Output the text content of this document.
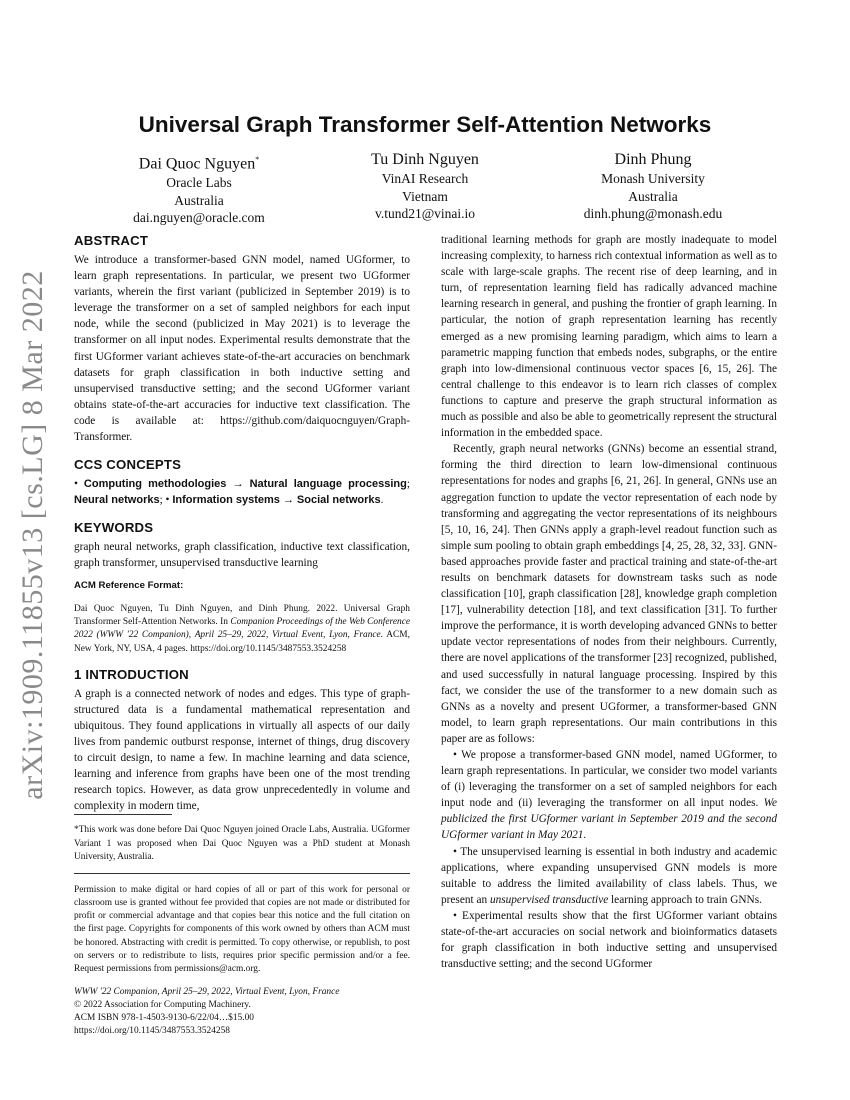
arXiv:1909.11855v13 [cs.LG] 8 Mar 2022
Universal Graph Transformer Self-Attention Networks
Dai Quoc Nguyen*
Oracle Labs
Australia
dai.nguyen@oracle.com
Tu Dinh Nguyen
VinAI Research
Vietnam
v.tund21@vinai.io
Dinh Phung
Monash University
Australia
dinh.phung@monash.edu
ABSTRACT

We introduce a transformer-based GNN model, named UGformer, to learn graph representations. In particular, we present two UGformer variants, wherein the first variant (publicized in September 2019) is to leverage the transformer on a set of sampled neighbors for each input node, while the second (publicized in May 2021) is to leverage the transformer on all input nodes. Experimental results demonstrate that the first UGformer variant achieves state-of-the-art accuracies on benchmark datasets for graph classification in both inductive setting and unsupervised transductive setting; and the second UGformer variant obtains state-of-the-art accuracies for inductive text classification. The code is available at: https://github.com/daiquocnguyen/Graph-Transformer.

CCS CONCEPTS

• Computing methodologies → Natural language processing; Neural networks; • Information systems → Social networks.

KEYWORDS

graph neural networks, graph classification, inductive text classification, graph transformer, unsupervised transductive learning

ACM Reference Format:

Dai Quoc Nguyen, Tu Dinh Nguyen, and Dinh Phung. 2022. Universal Graph Transformer Self-Attention Networks. In Companion Proceedings of the Web Conference 2022 (WWW '22 Companion), April 25–29, 2022, Virtual Event, Lyon, France. ACM, New York, NY, USA, 4 pages. https://doi.org/10.1145/3487553.3524258

1 INTRODUCTION

A graph is a connected network of nodes and edges. This type of graph-structured data is a fundamental mathematical representation and ubiquitous. They found applications in virtually all aspects of our daily lives from pandemic outburst response, internet of things, drug discovery to circuit design, to name a few. In machine learning and data science, learning and inference from graphs have been one of the most trending research topics. However, as data grow unprecedentedly in volume and complexity in modern time,

*This work was done before Dai Quoc Nguyen joined Oracle Labs, Australia. UGformer Variant 1 was proposed when Dai Quoc Nguyen was a PhD student at Monash University, Australia.

Permission to make digital or hard copies of all or part of this work for personal or classroom use is granted without fee provided that copies are not made or distributed for profit or commercial advantage and that copies bear this notice and the full citation on the first page. Copyrights for components of this work owned by others than ACM must be honored. Abstracting with credit is permitted. To copy otherwise, or republish, to post on servers or to redistribute to lists, requires prior specific permission and/or a fee. Request permissions from permissions@acm.org.

WWW '22 Companion, April 25–29, 2022, Virtual Event, Lyon, France
© 2022 Association for Computing Machinery.
ACM ISBN 978-1-4503-9130-6/22/04…$15.00
https://doi.org/10.1145/3487553.3524258

traditional learning methods for graph are mostly inadequate to model increasing complexity, to harness rich contextual information as well as to scale with large-scale graphs. The recent rise of deep learning, and in turn, of representation learning field has radically advanced machine learning research in general, and pushing the frontier of graph learning. In particular, the notion of graph representation learning has recently emerged as a new promising learning paradigm, which aims to learn a parametric mapping function that embeds nodes, subgraphs, or the entire graph into low-dimensional continuous vector spaces [6, 15, 26]. The central challenge to this endeavor is to learn rich classes of complex functions to capture and preserve the graph structural information as much as possible and also be able to geometrically represent the structural information in the embedded space.

Recently, graph neural networks (GNNs) become an essential strand, forming the third direction to learn low-dimensional continuous representations for nodes and graphs [6, 21, 26]. In general, GNNs use an aggregation function to update the vector representation of each node by transforming and aggregating the vector representations of its neighbours [5, 10, 16, 24]. Then GNNs apply a graph-level readout function such as simple sum pooling to obtain graph embeddings [4, 25, 28, 32, 33]. GNN-based approaches provide faster and practical training and state-of-the-art results on benchmark datasets for downstream tasks such as node classification [10], graph classification [28], knowledge graph completion [17], vulnerability detection [18], and text classification [31]. To further improve the performance, it is worth developing advanced GNNs to better update vector representations of nodes from their neighbours. Currently, there are novel applications of the transformer [23] recognized, published, and used successfully in natural language processing. Inspired by this fact, we consider the use of the transformer to a new domain such as GNNs as a novelty and present UGformer, a transformer-based GNN model, to learn graph representations. Our main contributions in this paper are as follows:

• We propose a transformer-based GNN model, named UGformer, to learn graph representations. In particular, we consider two model variants of (i) leveraging the transformer on a set of sampled neighbors for each input node and (ii) leveraging the transformer on all input nodes. We publicized the first UGformer variant in September 2019 and the second UGformer variant in May 2021.

• The unsupervised learning is essential in both industry and academic applications, where expanding unsupervised GNN models is more suitable to address the limited availability of class labels. Thus, we present an unsupervised transductive learning approach to train GNNs.

• Experimental results show that the first UGformer variant obtains state-of-the-art accuracies on social network and bioinformatics datasets for graph classification in both inductive setting and unsupervised transductive setting; and the second UGformer
